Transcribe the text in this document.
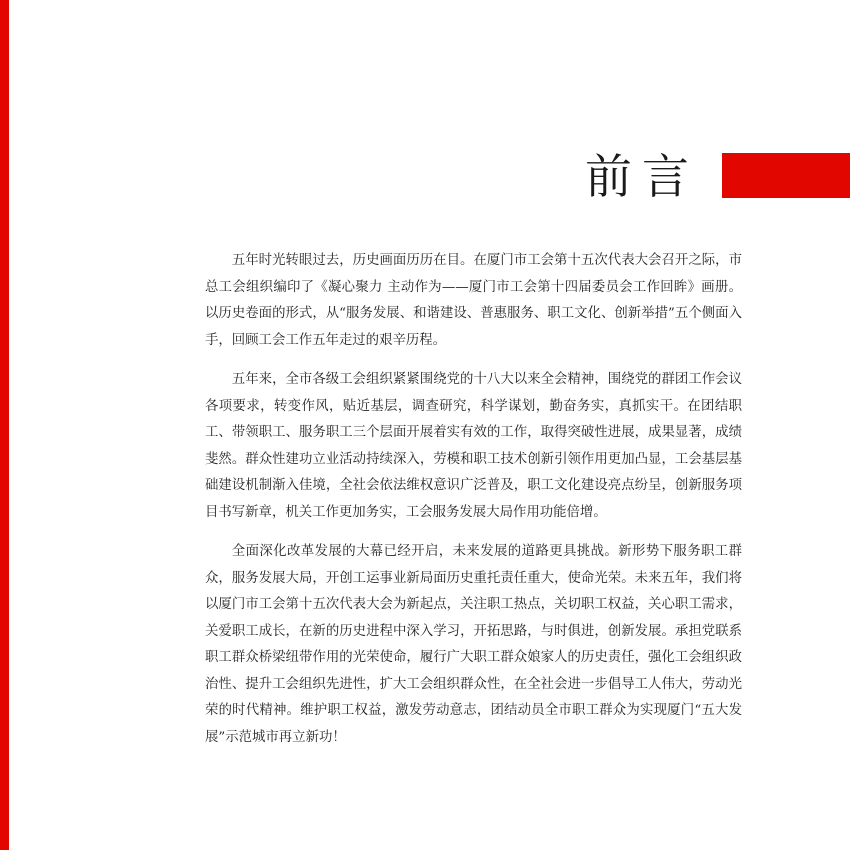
前言

五年时光转眼过去，历史画面历历在目。在厦门市工会第十五次代表大会召开之际，市总工会组织编印了《凝心聚力 主动作为——厦门市工会第十四届委员会工作回眸》画册。以历史卷面的形式，从“服务发展、和谐建设、普惠服务、职工文化、创新举措”五个侧面入手，回顾工会工作五年走过的艰辛历程。

五年来，全市各级工会组织紧紧围绕党的十八大以来全会精神，围绕党的群团工作会议各项要求，转变作风，贴近基层，调查研究，科学谋划，勤奋务实，真抓实干。在团结职工、带领职工、服务职工三个层面开展着实有效的工作，取得突破性进展，成果显著，成绩斐然。群众性建功立业活动持续深入，劳模和职工技术创新引领作用更加凸显，工会基层基础建设机制渐入佳境，全社会依法维权意识广泛普及，职工文化建设亮点纷呈，创新服务项目书写新章，机关工作更加务实，工会服务发展大局作用功能倍增。

全面深化改革发展的大幕已经开启，未来发展的道路更具挑战。新形势下服务职工群众，服务发展大局，开创工运事业新局面历史重托责任重大，使命光荣。未来五年，我们将以厦门市工会第十五次代表大会为新起点，关注职工热点，关切职工权益，关心职工需求，关爱职工成长，在新的历史进程中深入学习，开拓思路，与时俱进，创新发展。承担党联系职工群众桥梁纽带作用的光荣使命，履行广大职工群众娘家人的历史责任，强化工会组织政治性、提升工会组织先进性，扩大工会组织群众性，在全社会进一步倡导工人伟大，劳动光荣的时代精神。维护职工权益，激发劳动意志，团结动员全市职工群众为实现厦门“五大发展”示范城市再立新功！
